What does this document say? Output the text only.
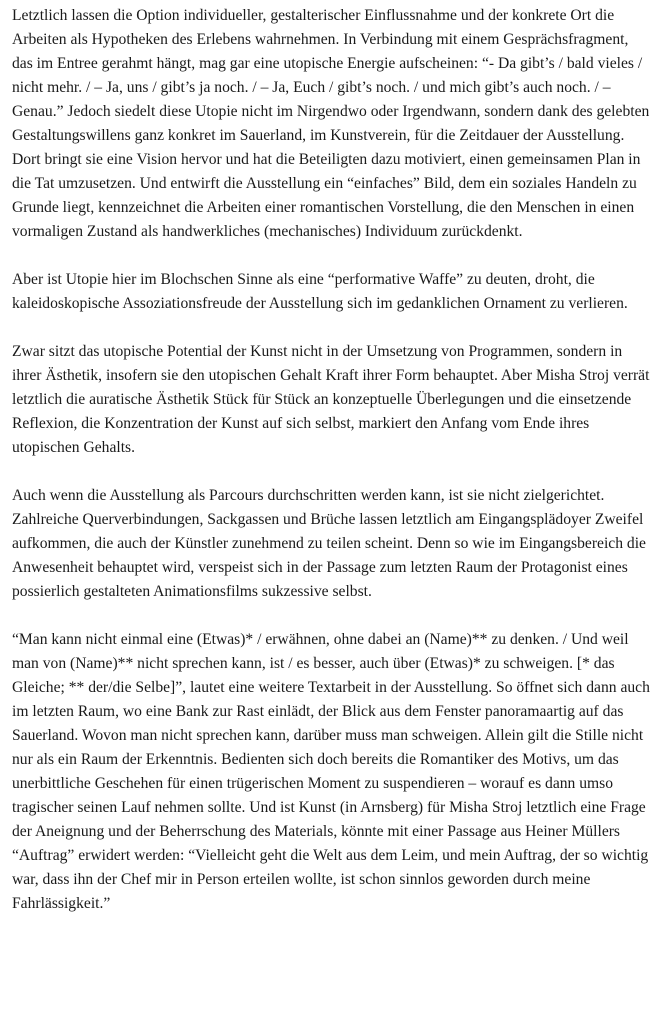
Letztlich lassen die Option individueller, gestalterischer Einflussnahme und der konkrete Ort die Arbeiten als Hypotheken des Erlebens wahrnehmen. In Verbindung mit einem Gesprächsfragment, das im Entree gerahmt hängt, mag gar eine utopische Energie aufscheinen: “- Da gibt’s / bald vieles / nicht mehr. / – Ja, uns / gibt’s ja noch. / – Ja, Euch / gibt’s noch. / und mich gibt’s auch noch. / – Genau.” Jedoch siedelt diese Utopie nicht im Nirgendwo oder Irgendwann, sondern dank des gelebten Gestaltungswillens ganz konkret im Sauerland, im Kunstverein, für die Zeitdauer der Ausstellung. Dort bringt sie eine Vision hervor und hat die Beteiligten dazu motiviert, einen gemeinsamen Plan in die Tat umzusetzen. Und entwirft die Ausstellung ein “einfaches” Bild, dem ein soziales Handeln zu Grunde liegt, kennzeichnet die Arbeiten einer romantischen Vorstellung, die den Menschen in einen vormaligen Zustand als handwerkliches (mechanisches) Individuum zurückdenkt.

Aber ist Utopie hier im Blochschen Sinne als eine “performative Waffe” zu deuten, droht, die kaleidoskopische Assoziationsfreude der Ausstellung sich im gedanklichen Ornament zu verlieren.

Zwar sitzt das utopische Potential der Kunst nicht in der Umsetzung von Programmen, sondern in ihrer Ästhetik, insofern sie den utopischen Gehalt Kraft ihrer Form behauptet. Aber Misha Stroj verrät letztlich die auratische Ästhetik Stück für Stück an konzeptuelle Überlegungen und die einsetzende Reflexion, die Konzentration der Kunst auf sich selbst, markiert den Anfang vom Ende ihres utopischen Gehalts.

Auch wenn die Ausstellung als Parcours durchschritten werden kann, ist sie nicht zielgerichtet. Zahlreiche Querverbindungen, Sackgassen und Brüche lassen letztlich am Eingangsplädoyer Zweifel aufkommen, die auch der Künstler zunehmend zu teilen scheint. Denn so wie im Eingangsbereich die Anwesenheit behauptet wird, verspeist sich in der Passage zum letzten Raum der Protagonist eines possierlich gestalteten Animationsfilms sukzessive selbst.

“Man kann nicht einmal eine (Etwas)* / erwähnen, ohne dabei an (Name)** zu denken. / Und weil man von (Name)** nicht sprechen kann, ist / es besser, auch über (Etwas)* zu schweigen. [* das Gleiche; ** der/die Selbe]”, lautet eine weitere Textarbeit in der Ausstellung. So öffnet sich dann auch im letzten Raum, wo eine Bank zur Rast einlädt, der Blick aus dem Fenster panoramaartig auf das Sauerland. Wovon man nicht sprechen kann, darüber muss man schweigen. Allein gilt die Stille nicht nur als ein Raum der Erkenntnis. Bedienten sich doch bereits die Romantiker des Motivs, um das unerbittliche Geschehen für einen trügerischen Moment zu suspendieren – worauf es dann umso tragischer seinen Lauf nehmen sollte. Und ist Kunst (in Arnsberg) für Misha Stroj letztlich eine Frage der Aneignung und der Beherrschung des Materials, könnte mit einer Passage aus Heiner Müllers “Auftrag” erwidert werden: “Vielleicht geht die Welt aus dem Leim, und mein Auftrag, der so wichtig war, dass ihn der Chef mir in Person erteilen wollte, ist schon sinnlos geworden durch meine Fahrlässigkeit.”
